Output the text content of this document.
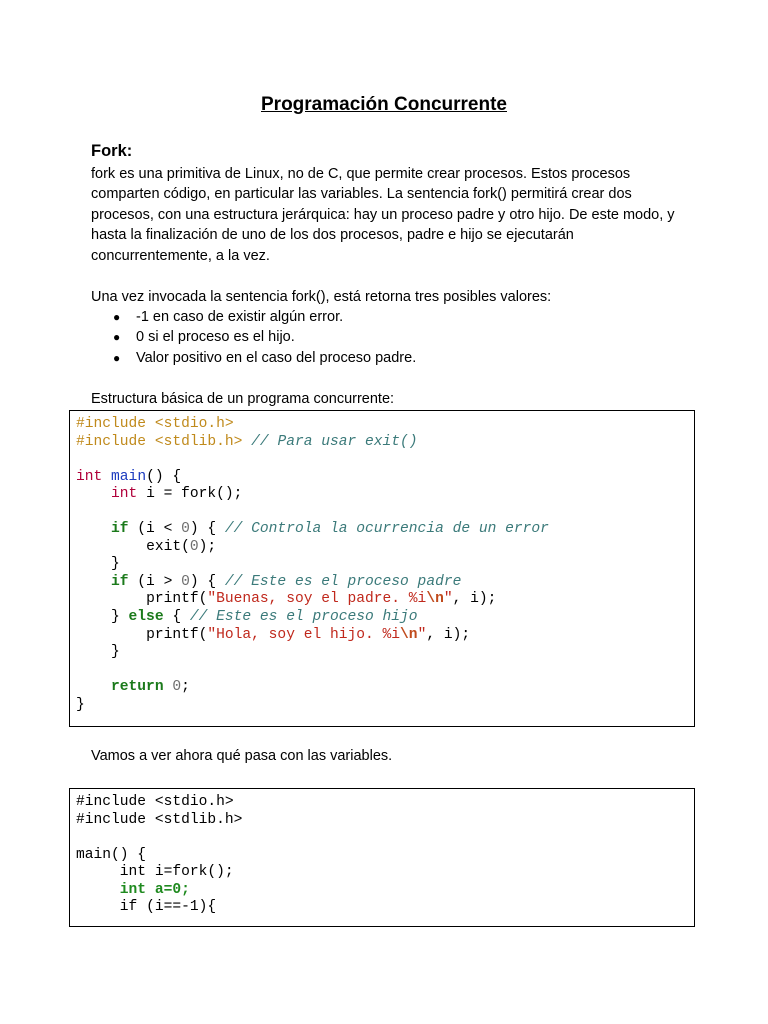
Programación Concurrente
Fork:
fork es una primitiva de Linux, no de C, que permite crear procesos. Estos procesos comparten código, en particular las variables. La sentencia fork() permitirá crear dos procesos, con una estructura jerárquica: hay un proceso padre y otro hijo. De este modo, y hasta la finalización de uno de los dos procesos, padre e hijo se ejecutarán concurrentemente, a la vez.
Una vez invocada la sentencia fork(), está retorna tres posibles valores:
● -1 en caso de existir algún error.
● 0 si el proceso es el hijo.
● Valor positivo en el caso del proceso padre.
Estructura básica de un programa concurrente:
#include <stdio.h>
#include <stdlib.h> // Para usar exit()

int main() {
int i = fork();

if (i < 0) { // Controla la ocurrencia de un error
exit(0);
}
if (i > 0) { // Este es el proceso padre
printf("Buenas, soy el padre. %i\n", i);
} else { // Este es el proceso hijo
printf("Hola, soy el hijo. %i\n", i);
}

return 0;
}
Vamos a ver ahora qué pasa con las variables.
#include <stdio.h>
#include <stdlib.h>

main() {
int i=fork();
int a=0;
if (i==-1){
